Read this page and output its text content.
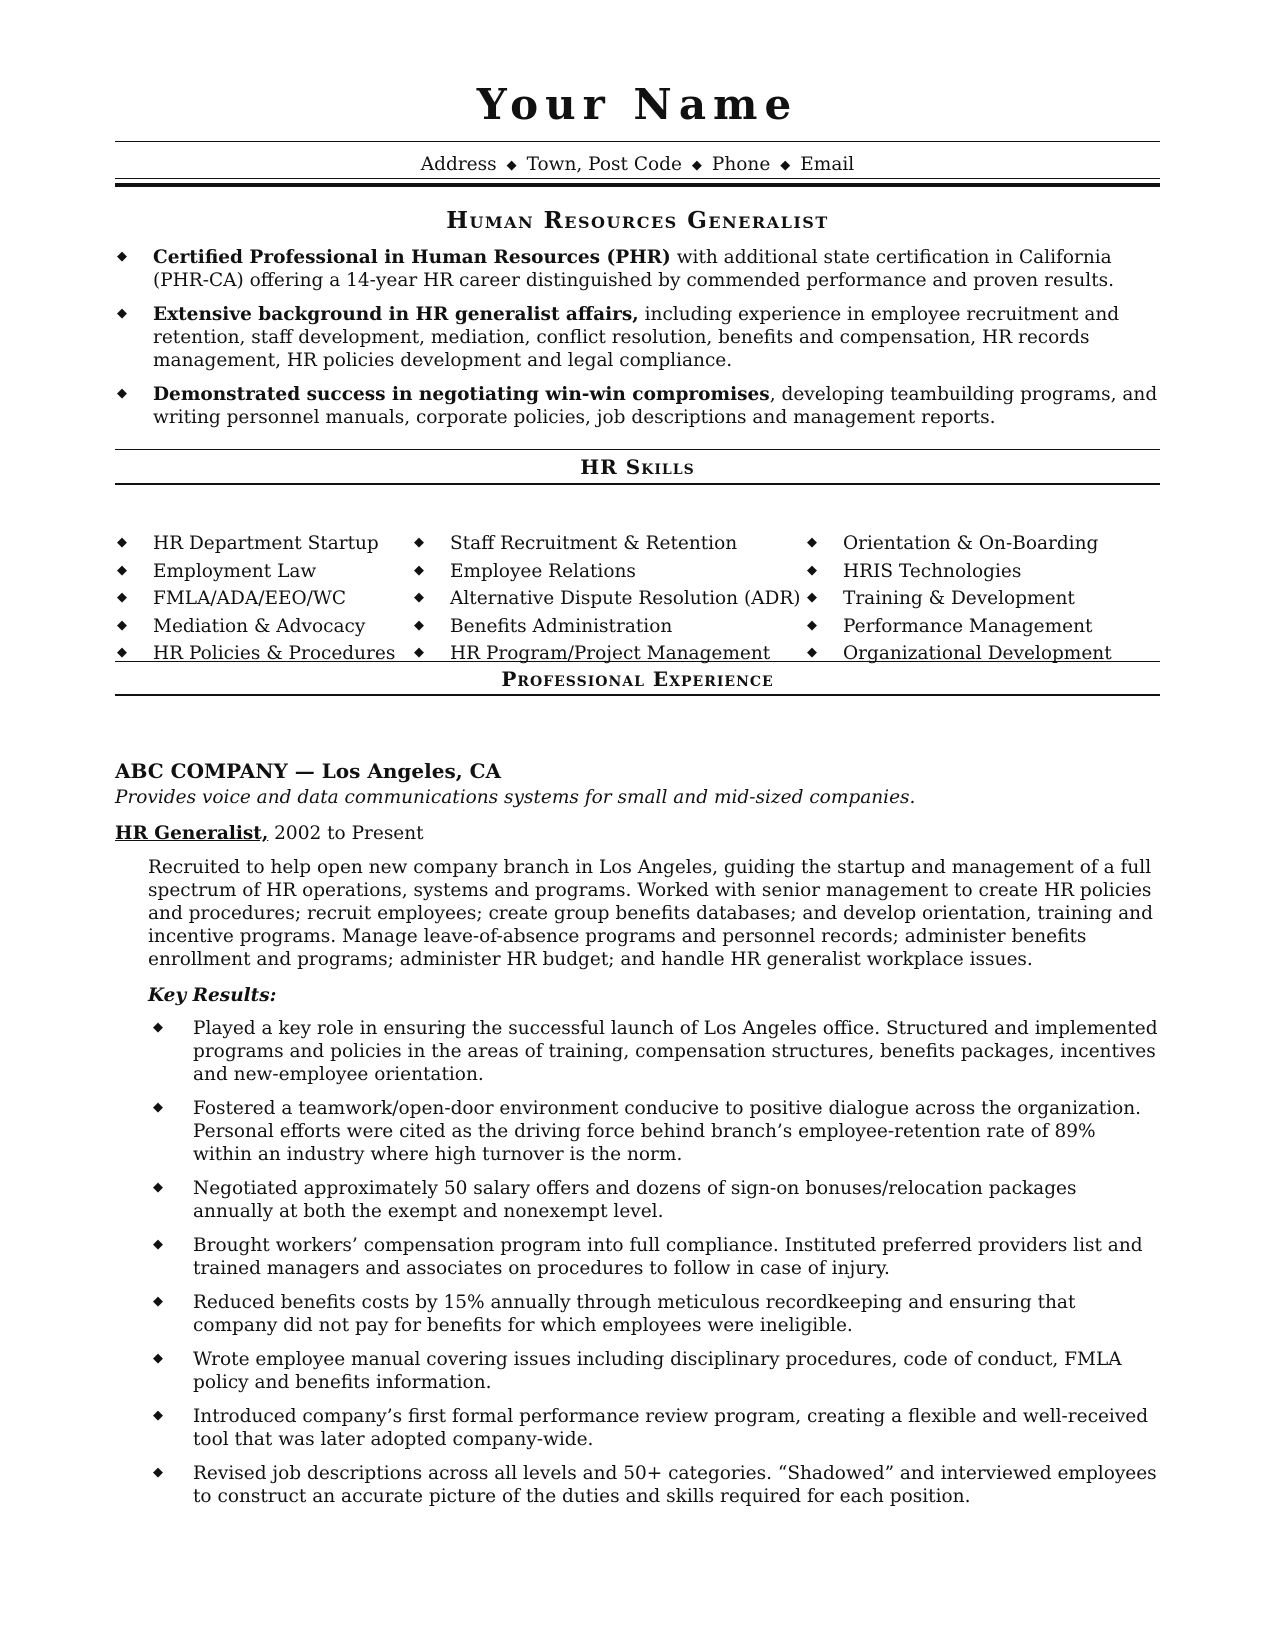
Your Name
Address ◆ Town, Post Code ◆ Phone ◆ Email
Human Resources Generalist
◆ Certified Professional in Human Resources (PHR) with additional state certification in California (PHR-CA) offering a 14-year HR career distinguished by commended performance and proven results.
◆ Extensive background in HR generalist affairs, including experience in employee recruitment and retention, staff development, mediation, conflict resolution, benefits and compensation, HR records management, HR policies development and legal compliance.
◆ Demonstrated success in negotiating win-win compromises, developing teambuilding programs, and writing personnel manuals, corporate policies, job descriptions and management reports.
HR Skills
◆ HR Department Startup
◆ Employment Law
◆ FMLA/ADA/EEO/WC
◆ Mediation & Advocacy
◆ HR Policies & Procedures
◆ Staff Recruitment & Retention
◆ Employee Relations
◆ Alternative Dispute Resolution (ADR)
◆ Benefits Administration
◆ HR Program/Project Management
◆ Orientation & On-Boarding
◆ HRIS Technologies
◆ Training & Development
◆ Performance Management
◆ Organizational Development
Professional Experience
ABC COMPANY — Los Angeles, CA
Provides voice and data communications systems for small and mid-sized companies.
HR Generalist, 2002 to Present

Recruited to help open new company branch in Los Angeles, guiding the startup and management of a full spectrum of HR operations, systems and programs. Worked with senior management to create HR policies and procedures; recruit employees; create group benefits databases; and develop orientation, training and incentive programs. Manage leave-of-absence programs and personnel records; administer benefits enrollment and programs; administer HR budget; and handle HR generalist workplace issues.

Key Results:
◆ Played a key role in ensuring the successful launch of Los Angeles office. Structured and implemented programs and policies in the areas of training, compensation structures, benefits packages, incentives and new-employee orientation.
◆ Fostered a teamwork/open-door environment conducive to positive dialogue across the organization. Personal efforts were cited as the driving force behind branch’s employee-retention rate of 89% within an industry where high turnover is the norm.
◆ Negotiated approximately 50 salary offers and dozens of sign-on bonuses/relocation packages annually at both the exempt and nonexempt level.
◆ Brought workers’ compensation program into full compliance. Instituted preferred providers list and trained managers and associates on procedures to follow in case of injury.
◆ Reduced benefits costs by 15% annually through meticulous recordkeeping and ensuring that company did not pay for benefits for which employees were ineligible.
◆ Wrote employee manual covering issues including disciplinary procedures, code of conduct, FMLA policy and benefits information.
◆ Introduced company’s first formal performance review program, creating a flexible and well-received tool that was later adopted company-wide.
◆ Revised job descriptions across all levels and 50+ categories. “Shadowed” and interviewed employees to construct an accurate picture of the duties and skills required for each position.
